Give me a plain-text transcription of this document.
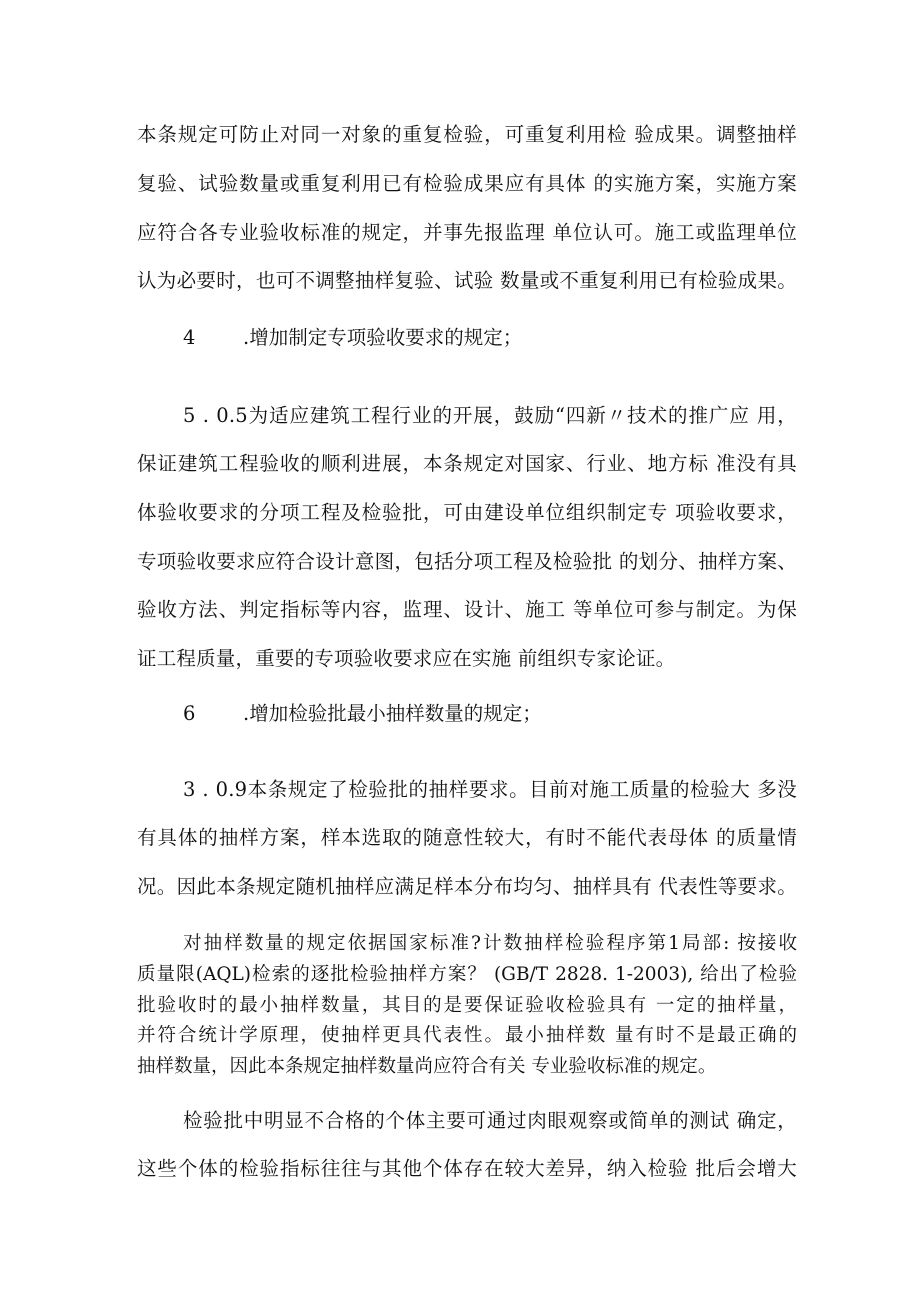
本条规定可防止对同一对象的重复检验，可重复利用检 验成果。调整抽样
复验、试验数量或重复利用已有检验成果应有具体 的实施方案，实施方案
应符合各专业验收标准的规定，并事先报监理 单位认可。施工或监理单位
认为必要时，也可不调整抽样复验、试验 数量或不重复利用已有检验成果。
4 .增加制定专项验收要求的规定；
5 . 0.5为适应建筑工程行业的开展，鼓励“四新〃技术的推广应 用，
保证建筑工程验收的顺利进展，本条规定对国家、行业、地方标 准没有具
体验收要求的分项工程及检验批，可由建设单位组织制定专 项验收要求，
专项验收要求应符合设计意图，包括分项工程及检验批 的划分、抽样方案、
验收方法、判定指标等内容，监理、设计、施工 等单位可参与制定。为保
证工程质量，重要的专项验收要求应在实施 前组织专家论证。
6 .增加检验批最小抽样数量的规定；
3 . 0.9本条规定了检验批的抽样要求。目前对施工质量的检验大 多没
有具体的抽样方案，样本选取的随意性较大，有时不能代表母体 的质量情
况。因此本条规定随机抽样应满足样本分布均匀、抽样具有 代表性等要求。
对抽样数量的规定依据国家标准?计数抽样检验程序第1局部: 按接收
质量限(AQL)检索的逐批检验抽样方案？ (GB/T 2828. 1-2003), 给出了检验
批验收时的最小抽样数量，其目的是要保证验收检验具有 一定的抽样量，
并符合统计学原理，使抽样更具代表性。最小抽样数 量有时不是最正确的
抽样数量，因此本条规定抽样数量尚应符合有关 专业验收标准的规定。
检验批中明显不合格的个体主要可通过肉眼观察或简单的测试 确定，
这些个体的检验指标往往与其他个体存在较大差异，纳入检验 批后会增大
